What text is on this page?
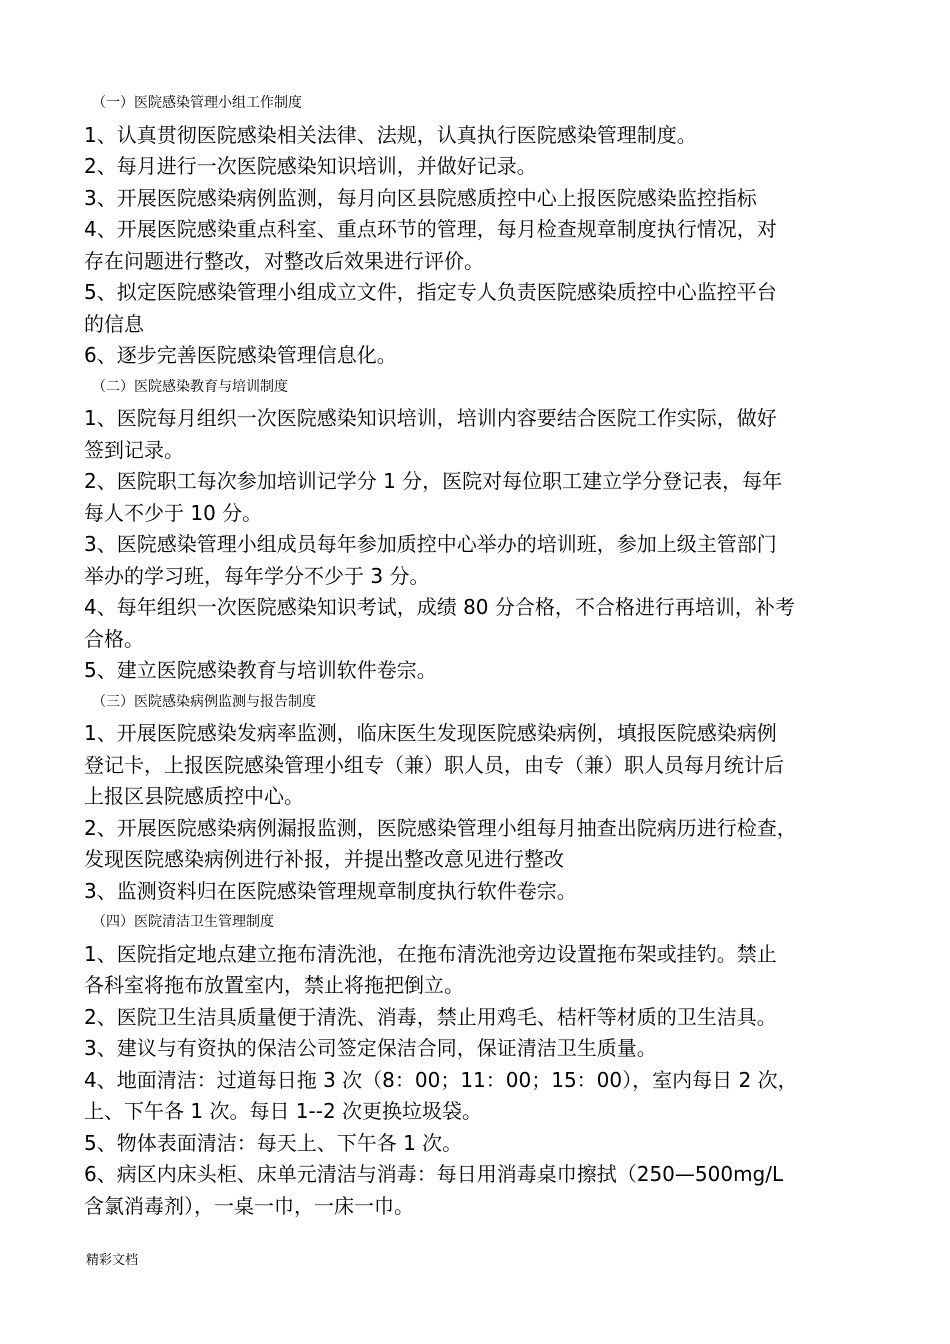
（一）医院感染管理小组工作制度

1、认真贯彻医院感染相关法律、法规，认真执行医院感染管理制度。

2、每月进行一次医院感染知识培训，并做好记录。

3、开展医院感染病例监测，每月向区县院感质控中心上报医院感染监控指标

4、开展医院感染重点科室、重点环节的管理，每月检查规章制度执行情况，对

存在问题进行整改，对整改后效果进行评价。

5、拟定医院感染管理小组成立文件，指定专人负责医院感染质控中心监控平台

的信息

6、逐步完善医院感染管理信息化。

（二）医院感染教育与培训制度

1、医院每月组织一次医院感染知识培训，培训内容要结合医院工作实际，做好

签到记录。

2、医院职工每次参加培训记学分 1 分，医院对每位职工建立学分登记表，每年

每人不少于 10 分。

3、医院感染管理小组成员每年参加质控中心举办的培训班，参加上级主管部门

举办的学习班，每年学分不少于 3 分。

4、每年组织一次医院感染知识考试，成绩 80 分合格，不合格进行再培训，补考

合格。

5、建立医院感染教育与培训软件卷宗。

（三）医院感染病例监测与报告制度

1、开展医院感染发病率监测，临床医生发现医院感染病例，填报医院感染病例

登记卡，上报医院感染管理小组专（兼）职人员，由专（兼）职人员每月统计后

上报区县院感质控中心。

2、开展医院感染病例漏报监测，医院感染管理小组每月抽查出院病历进行检查，

发现医院感染病例进行补报，并提出整改意见进行整改

3、监测资料归在医院感染管理规章制度执行软件卷宗。

（四）医院清洁卫生管理制度

1、医院指定地点建立拖布清洗池，在拖布清洗池旁边设置拖布架或挂钓。禁止

各科室将拖布放置室内，禁止将拖把倒立。

2、医院卫生洁具质量便于清洗、消毒，禁止用鸡毛、桔杆等材质的卫生洁具。

3、建议与有资执的保洁公司签定保洁合同，保证清洁卫生质量。

4、地面清洁：过道每日拖 3 次（8：00；11：00；15：00），室内每日 2 次，

上、下午各 1 次。每日 1--2 次更换垃圾袋。

5、物体表面清洁：每天上、下午各 1 次。

6、病区内床头柜、床单元清洁与消毒：每日用消毒桌巾擦拭（250—500mg/L

含氯消毒剂），一桌一巾，一床一巾。

精彩文档
